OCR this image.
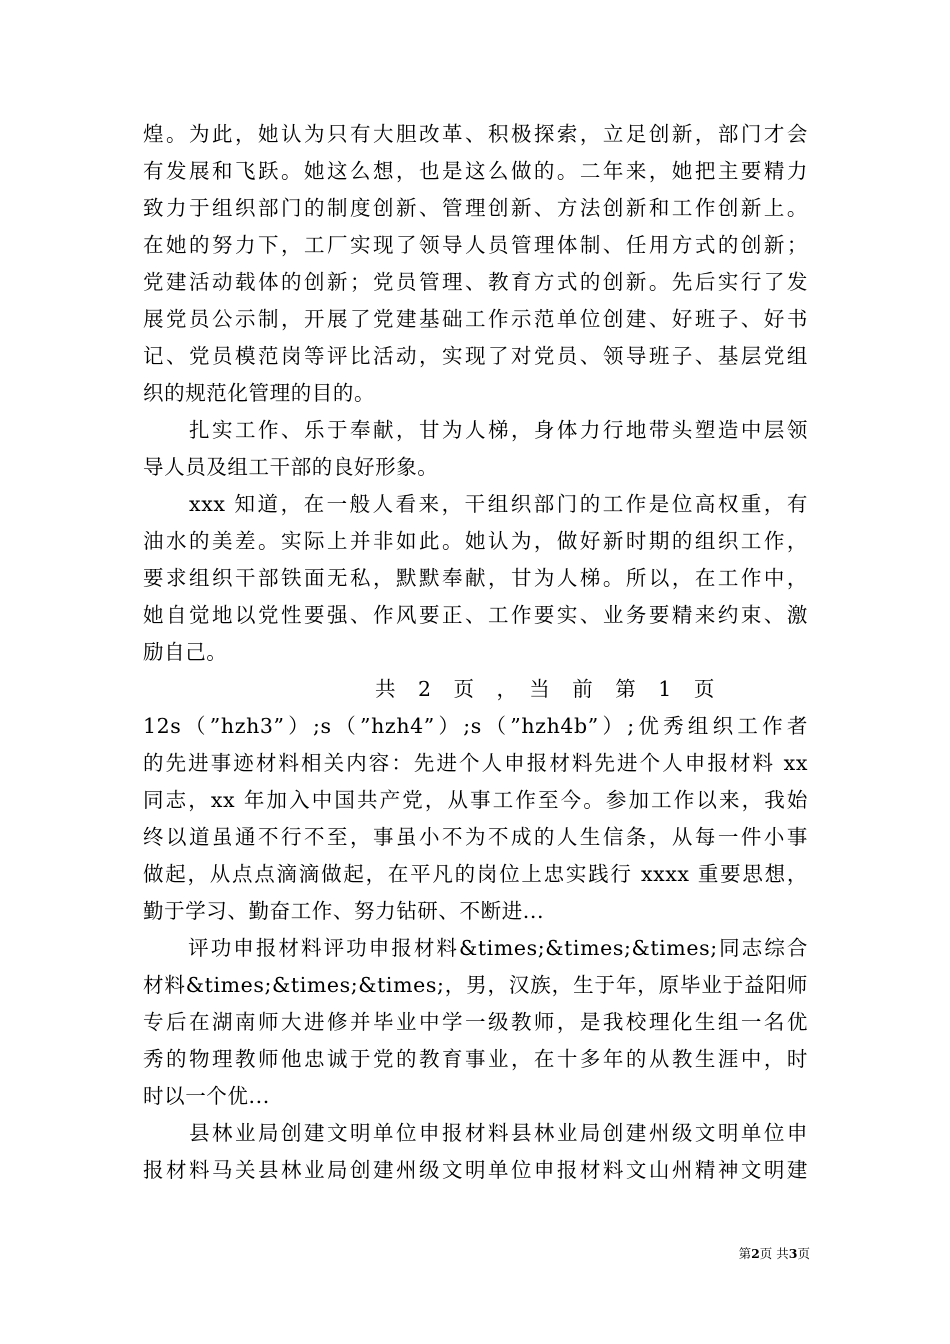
煌。为此，她认为只有大胆改革、积极探索，立足创新，部门才会
有发展和飞跃。她这么想，也是这么做的。二年来，她把主要精力
致力于组织部门的制度创新、管理创新、方法创新和工作创新上。
在她的努力下，工厂实现了领导人员管理体制、任用方式的创新；
党建活动载体的创新；党员管理、教育方式的创新。先后实行了发
展党员公示制，开展了党建基础工作示范单位创建、好班子、好书
记、党员模范岗等评比活动，实现了对党员、领导班子、基层党组
织的规范化管理的目的。
　　扎实工作、乐于奉献，甘为人梯，身体力行地带头塑造中层领
导人员及组工干部的良好形象。
　　xxx 知道，在一般人看来，干组织部门的工作是位高权重，有
油水的美差。实际上并非如此。她认为，做好新时期的组织工作，
要求组织干部铁面无私，默默奉献，甘为人梯。所以，在工作中，
她自觉地以党性要强、作风要正、工作要实、业务要精来约束、激
励自己。
共　2　页　，　当　前　第　1　页
12s（”hzh3”）;s（”hzh4”）;s（”hzh4b”）;优秀组织工作者
的先进事迹材料相关内容：先进个人申报材料先进个人申报材料 xx
同志，xx 年加入中国共产党，从事工作至今。参加工作以来，我始
终以道虽通不行不至，事虽小不为不成的人生信条，从每一件小事
做起，从点点滴滴做起，在平凡的岗位上忠实践行 xxxx 重要思想，
勤于学习、勤奋工作、努力钻研、不断进...
　　评功申报材料评功申报材料&times;&times;&times;同志综合
材料&times;&times;&times;，男，汉族，生于年，原毕业于益阳师
专后在湖南师大进修并毕业中学一级教师，是我校理化生组一名优
秀的物理教师他忠诚于党的教育事业，在十多年的从教生涯中，时
时以一个优...
　　县林业局创建文明单位申报材料县林业局创建州级文明单位申
报材料马关县林业局创建州级文明单位申报材料文山州精神文明建
第2页 共3页
